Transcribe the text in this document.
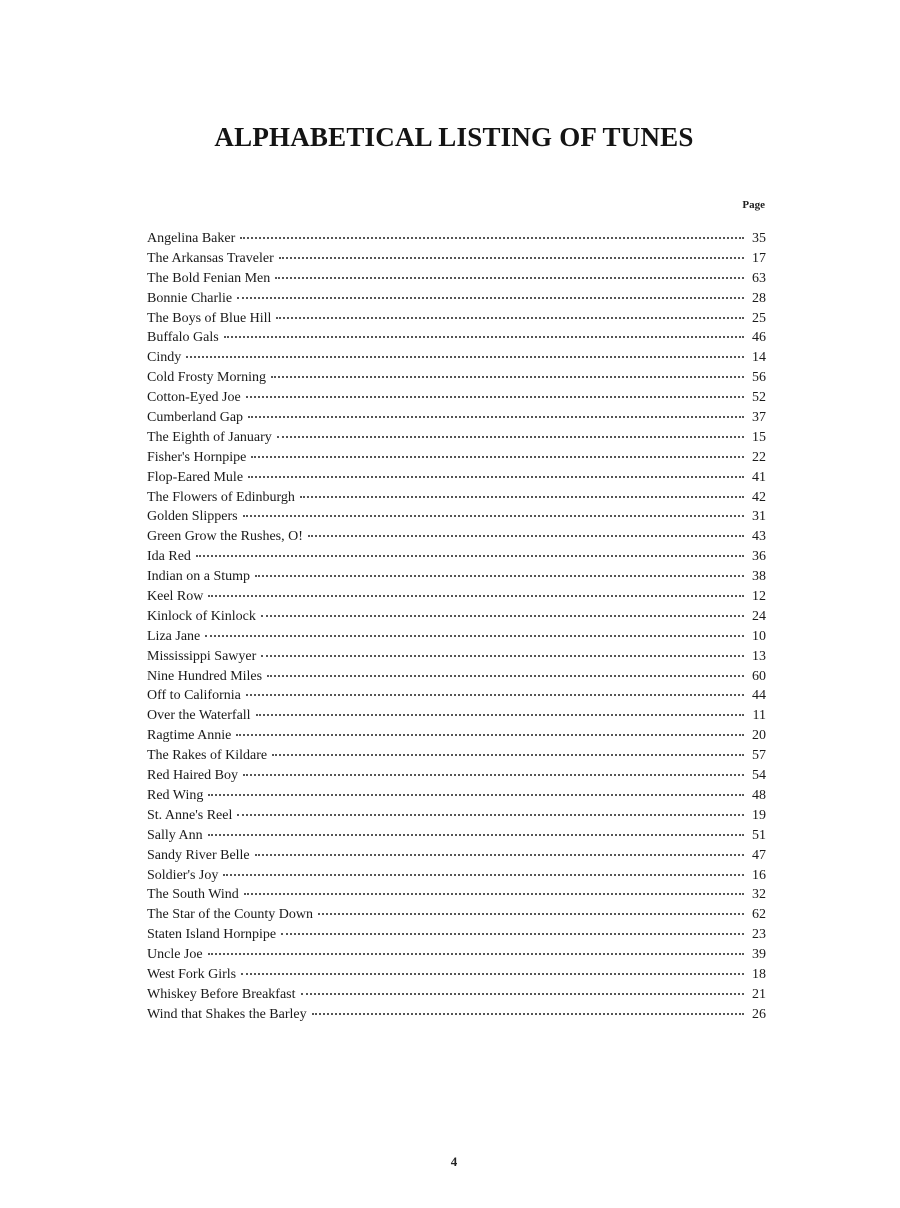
ALPHABETICAL LISTING OF TUNES
Page
Angelina Baker	35
The Arkansas Traveler	17
The Bold Fenian Men	63
Bonnie Charlie	28
The Boys of Blue Hill	25
Buffalo Gals	46
Cindy	14
Cold Frosty Morning	56
Cotton-Eyed Joe	52
Cumberland Gap	37
The Eighth of January	15
Fisher's Hornpipe	22
Flop-Eared Mule	41
The Flowers of Edinburgh	42
Golden Slippers	31
Green Grow the Rushes, O!	43
Ida Red	36
Indian on a Stump	38
Keel Row	12
Kinlock of Kinlock	24
Liza Jane	10
Mississippi Sawyer	13
Nine Hundred Miles	60
Off to California	44
Over the Waterfall	11
Ragtime Annie	20
The Rakes of Kildare	57
Red Haired Boy	54
Red Wing	48
St. Anne's Reel	19
Sally Ann	51
Sandy River Belle	47
Soldier's Joy	16
The South Wind	32
The Star of the County Down	62
Staten Island Hornpipe	23
Uncle Joe	39
West Fork Girls	18
Whiskey Before Breakfast	21
Wind that Shakes the Barley	26
4
